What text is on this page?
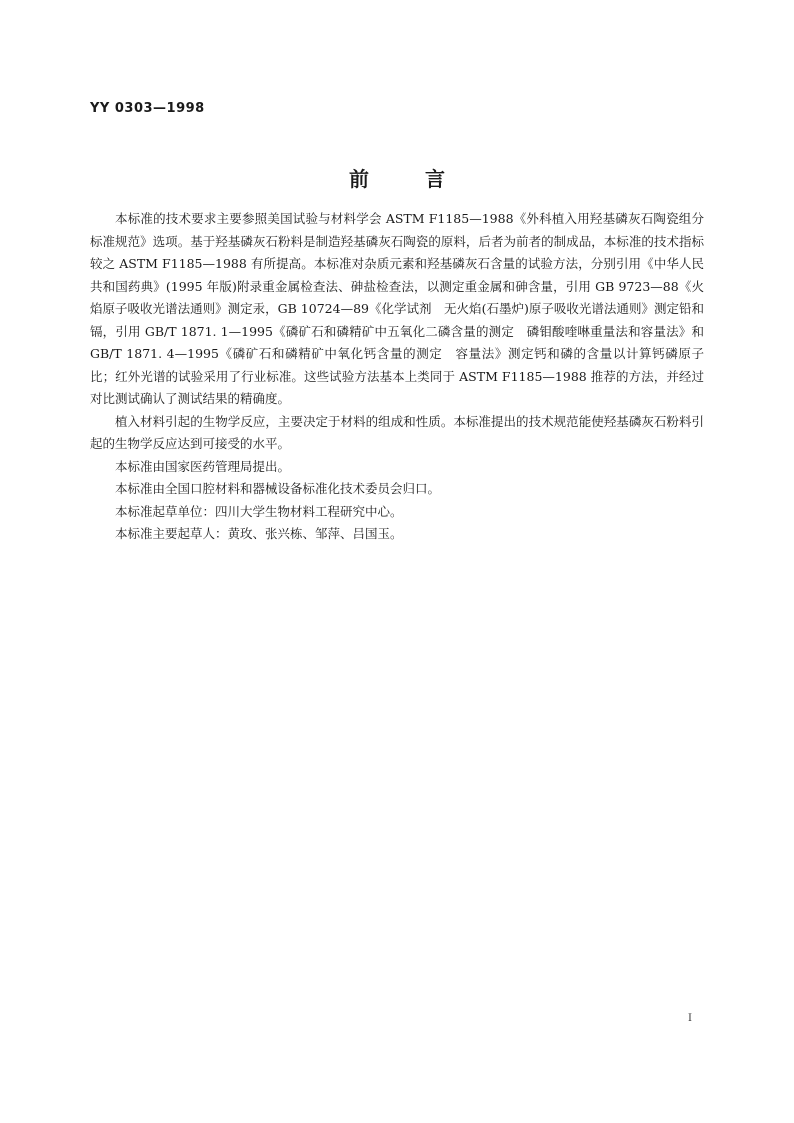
YY 0303—1998
前	言

本标准的技术要求主要参照美国试验与材料学会 ASTM F1185—1988《外科植入用羟基磷灰石陶瓷组分标准规范》选项。基于羟基磷灰石粉料是制造羟基磷灰石陶瓷的原料，后者为前者的制成品，本标准的技术指标较之 ASTM F1185—1988 有所提高。本标准对杂质元素和羟基磷灰石含量的试验方法，分别引用《中华人民共和国药典》(1995 年版)附录重金属检查法、砷盐检查法，以测定重金属和砷含量，引用 GB 9723—88《火焰原子吸收光谱法通则》测定汞，GB 10724—89《化学试剂　无火焰(石墨炉)原子吸收光谱法通则》测定铅和镉，引用 GB/T 1871. 1—1995《磷矿石和磷精矿中五氧化二磷含量的测定　磷钼酸喹啉重量法和容量法》和 GB/T 1871. 4—1995《磷矿石和磷精矿中氧化钙含量的测定　容量法》测定钙和磷的含量以计算钙磷原子比；红外光谱的试验采用了行业标准。这些试验方法基本上类同于 ASTM F1185—1988 推荐的方法，并经过对比测试确认了测试结果的精确度。

植入材料引起的生物学反应，主要决定于材料的组成和性质。本标准提出的技术规范能使羟基磷灰石粉料引起的生物学反应达到可接受的水平。

本标准由国家医药管理局提出。

本标准由全国口腔材料和器械设备标准化技术委员会归口。

本标准起草单位：四川大学生物材料工程研究中心。

本标准主要起草人：黄玫、张兴栋、邹萍、吕国玉。

I
